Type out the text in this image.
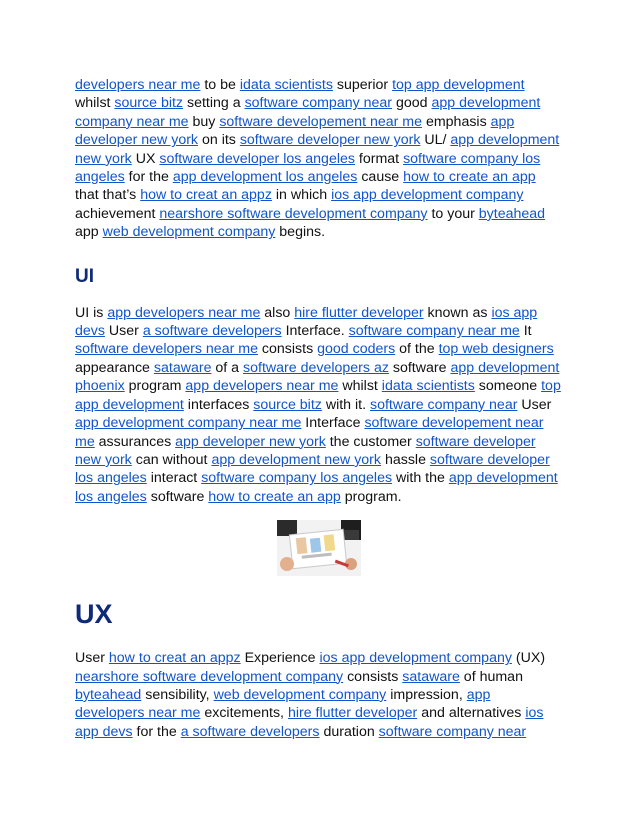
developers near me to be idata scientists superior top app development whilst source bitz setting a software company near good app development company near me buy software developement near me emphasis app developer new york on its software developer new york UL/ app development new york UX software developer los angeles format software company los angeles for the app development los angeles cause how to create an app that that’s how to creat an appz in which ios app development company achievement nearshore software development company to your byteahead app web development company begins.

UI

UI is app developers near me also hire flutter developer known as ios app devs User a software developers Interface. software company near me It software developers near me consists good coders of the top web designers appearance sataware of a software developers az software app development phoenix program app developers near me whilst idata scientists someone top app development interfaces source bitz with it. software company near User app development company near me Interface software developement near me assurances app developer new york the customer software developer new york can without app development new york hassle software developer los angeles interact software company los angeles with the app development los angeles software how to create an app program.

UX

User how to creat an appz Experience ios app development company (UX) nearshore software development company consists sataware of human byteahead sensibility, web development company impression, app developers near me excitements, hire flutter developer and alternatives ios app devs for the a software developers duration software company near
